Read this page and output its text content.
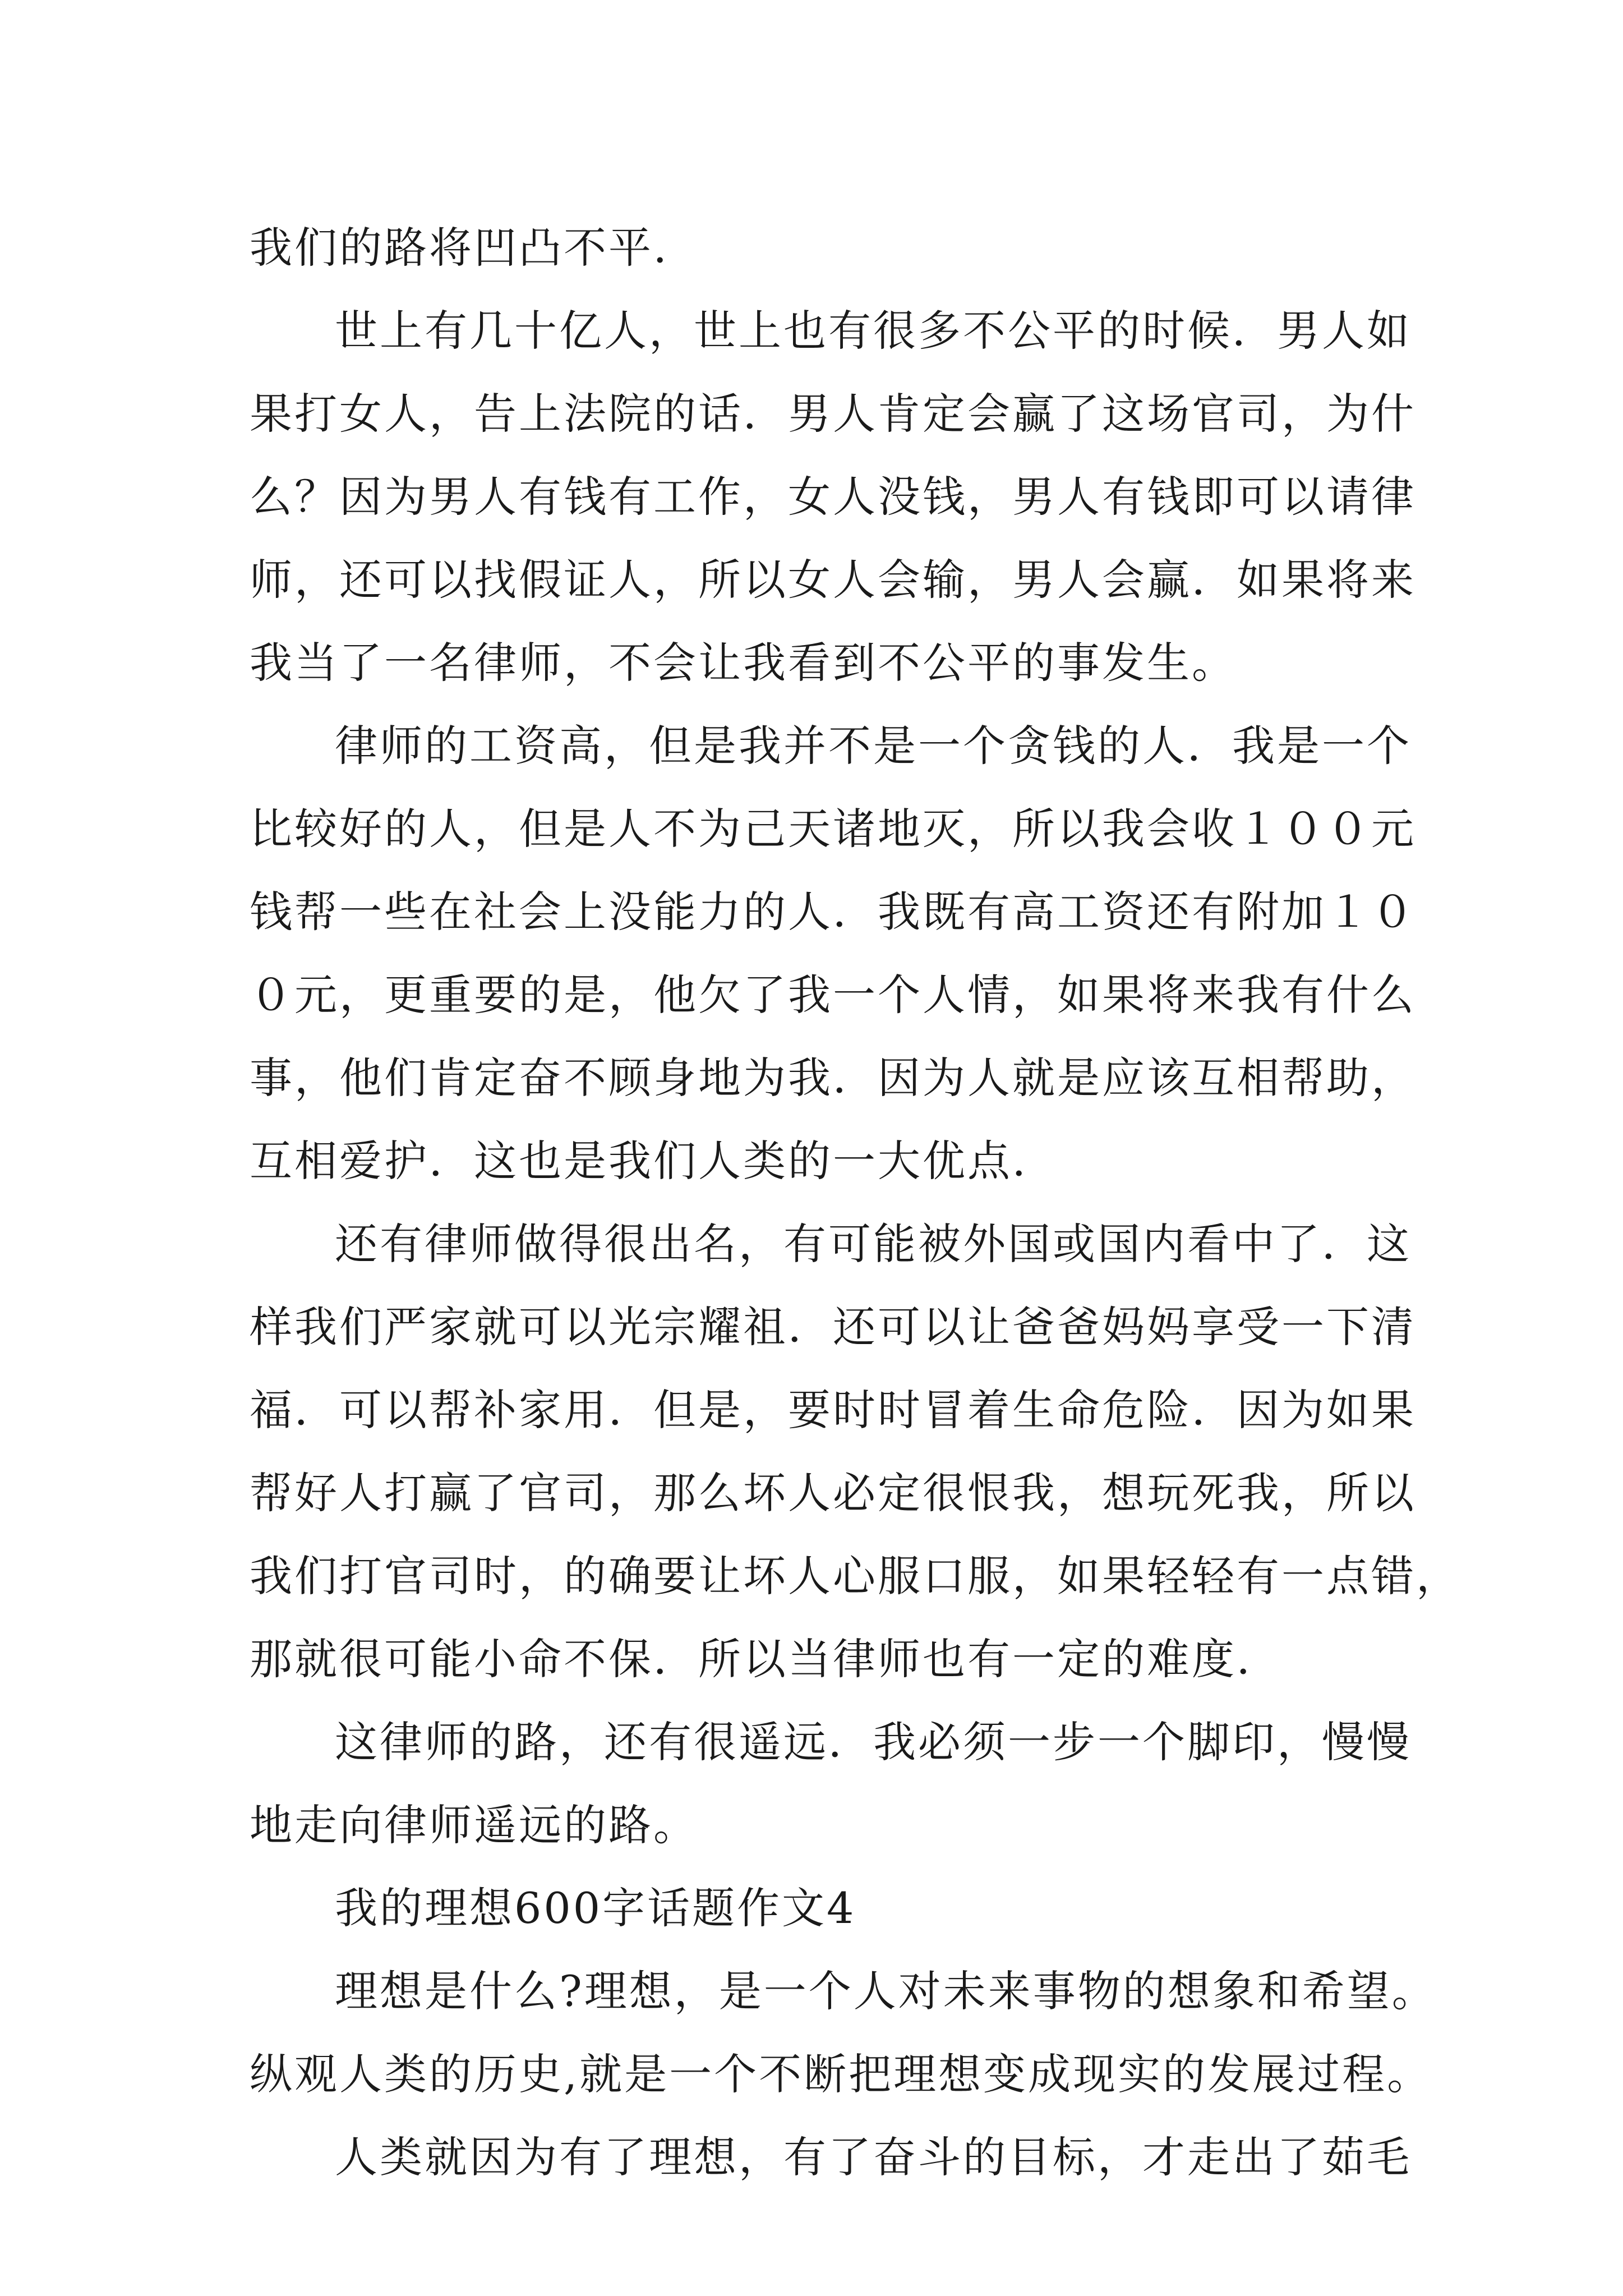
我们的路将凹凸不平．
世上有几十亿人，世上也有很多不公平的时候．男人如
果打女人，告上法院的话．男人肯定会赢了这场官司，为什
么？因为男人有钱有工作，女人没钱，男人有钱即可以请律
师，还可以找假证人，所以女人会输，男人会赢．如果将来
我当了一名律师，不会让我看到不公平的事发生。
律师的工资高，但是我并不是一个贪钱的人．我是一个
比较好的人，但是人不为己天诸地灭，所以我会收１００元
钱帮一些在社会上没能力的人．我既有高工资还有附加１０
０元，更重要的是，他欠了我一个人情，如果将来我有什么
事，他们肯定奋不顾身地为我．因为人就是应该互相帮助，
互相爱护．这也是我们人类的一大优点．
还有律师做得很出名，有可能被外国或国内看中了．这
样我们严家就可以光宗耀祖．还可以让爸爸妈妈享受一下清
福．可以帮补家用．但是，要时时冒着生命危险．因为如果
帮好人打赢了官司，那么坏人必定很恨我，想玩死我，所以
我们打官司时，的确要让坏人心服口服，如果轻轻有一点错，
那就很可能小命不保．所以当律师也有一定的难度．
这律师的路，还有很遥远．我必须一步一个脚印，慢慢
地走向律师遥远的路。
我的理想600字话题作文4
理想是什么?理想，是一个人对未来事物的想象和希望。
纵观人类的历史,就是一个不断把理想变成现实的发展过程。
人类就因为有了理想，有了奋斗的目标，才走出了茹毛
